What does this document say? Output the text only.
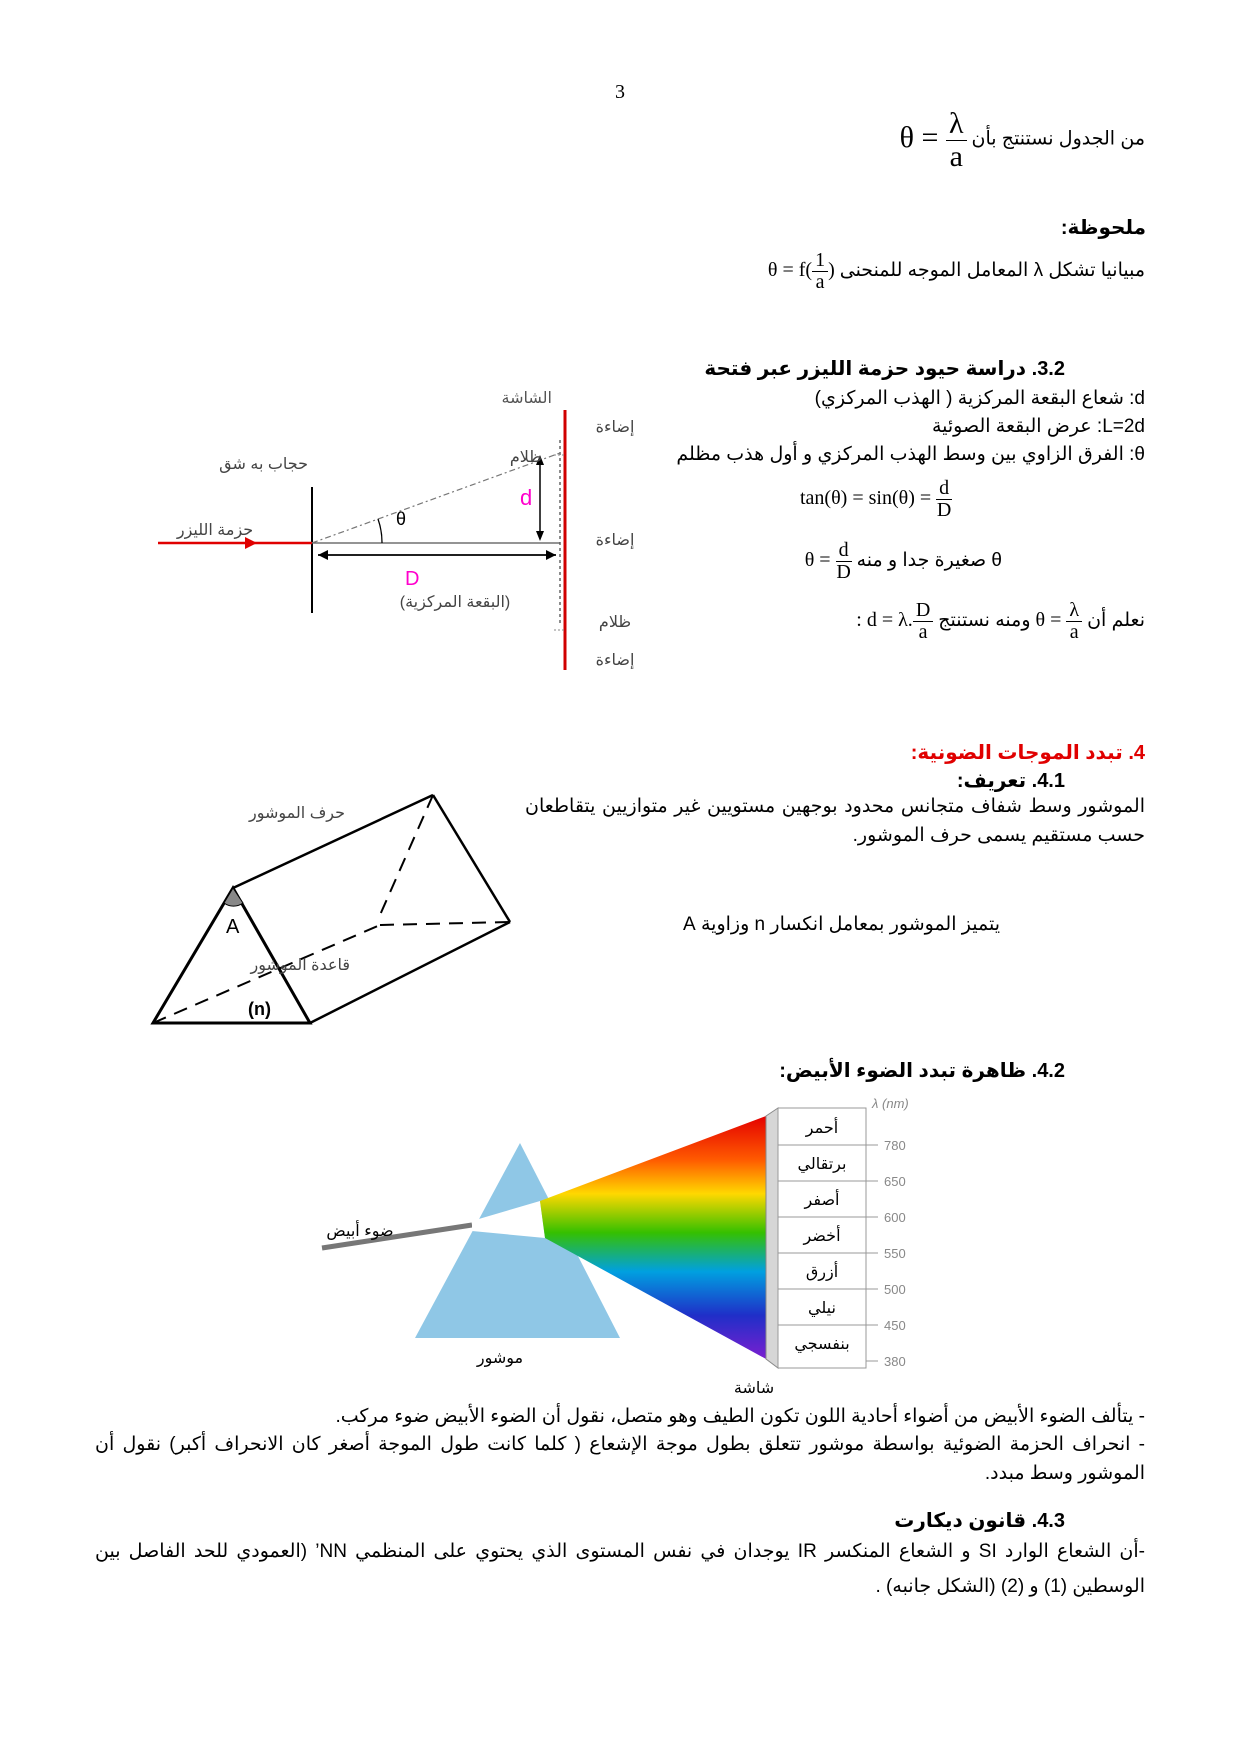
3
من الجدول نستنتج بأن $\theta = \frac{\lambda}{a}$
ملحوظة:
مبيانيا تشكل λ المعامل الموجه للمنحنى $\theta = f( \frac{1}{a}$ )
3.2. دراسة حيود حزمة الليزر عبر فتحة
d: شعاع البقعة المركزية ( الهذب المركزي)
L=2d: عرض البقعة الصوئية
θ: الفرق الزاوي بين وسط الهذب المركزي و أول هذب مظلم
$\tan(\theta) = \sin(\theta) = \frac{d}{D}$
θ صغيرة جدا و منه $\theta = \frac{d}{D}$
نعلم أن $\theta = \frac{\lambda}{a}$
ومنه نستنتج d = λ. $\frac{D}{a}$
:
θ
d
D
الشاشة
إضاءة
ظلام
إضاءة
ظلام
إضاءة
حجاب به شق
حزمة الليزر
(البقعة المركزية)
4. تبدد الموجات الضونية:
4.1. تعريف:
الموشور وسط شفاف متجانس محدود بوجهين مستويين غير متوازيين يتقاطعان حسب مستقيم يسمى حرف الموشور.
يتميز الموشور بمعامل انكسار n وزاوية A
A
(n)
حرف الموشور
قاعدة الموشور
4.2. ظاهرة تبدد الضوء الأبيض:
أحمر
برتقالي
أصفر
أخضر
أزرق
نيلي
بنفسجي
λ (nm)
780
650
600
550
500
450
380
ضوء أبيض
موشور
شاشة
- يتألف الضوء الأبيض من أضواء أحادية اللون تكون الطيف وهو متصل، نقول أن الضوء الأبيض ضوء مركب.
- انحراف الحزمة الضوئية بواسطة موشور تتعلق بطول موجة الإشعاع ( كلما كانت طول الموجة أصغر كان الانحراف أكبر) نقول أن الموشور وسط مبدد.
4.3. قانون ديكارت
-أن الشعاع الوارد SI و الشعاع المنكسر IR يوجدان في نفس المستوى الذي يحتوي على المنظمي NN’ (العمودي للحد الفاصل بين الوسطين (1) و (2) (الشكل جانبه) .
